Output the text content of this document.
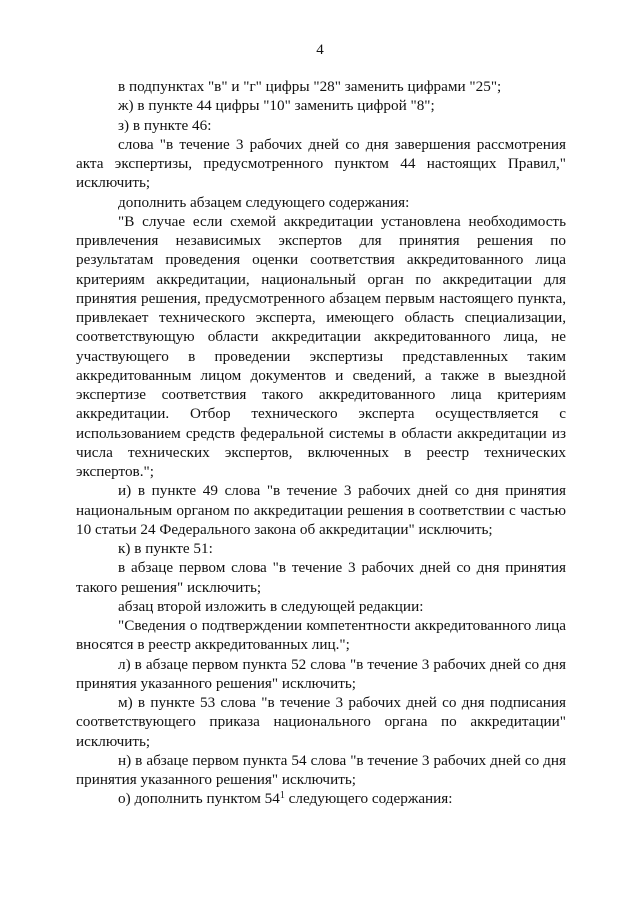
4

в подпунктах "в" и "г" цифры "28" заменить цифрами "25";

ж) в пункте 44 цифры "10" заменить цифрой "8";

з) в пункте 46:

слова "в течение 3 рабочих дней со дня завершения рассмотрения акта экспертизы, предусмотренного пунктом 44 настоящих Правил," исключить;

дополнить абзацем следующего содержания:

"В случае если схемой аккредитации установлена необходимость привлечения независимых экспертов для принятия решения по результатам проведения оценки соответствия аккредитованного лица критериям аккредитации, национальный орган по аккредитации для принятия решения, предусмотренного абзацем первым настоящего пункта, привлекает технического эксперта, имеющего область специализации, соответствующую области аккредитации аккредитованного лица, не участвующего в проведении экспертизы представленных таким аккредитованным лицом документов и сведений, а также в выездной экспертизе соответствия такого аккредитованного лица критериям аккредитации. Отбор технического эксперта осуществляется с использованием средств федеральной системы в области аккредитации из числа технических экспертов, включенных в реестр технических экспертов.";

и) в пункте 49 слова "в течение 3 рабочих дней со дня принятия национальным органом по аккредитации решения в соответствии с частью 10 статьи 24 Федерального закона об аккредитации" исключить;

к) в пункте 51:

в абзаце первом слова "в течение 3 рабочих дней со дня принятия такого решения" исключить;

абзац второй изложить в следующей редакции:

"Сведения о подтверждении компетентности аккредитованного лица вносятся в реестр аккредитованных лиц.";

л) в абзаце первом пункта 52 слова "в течение 3 рабочих дней со дня принятия указанного решения" исключить;

м) в пункте 53 слова "в течение 3 рабочих дней со дня подписания соответствующего приказа национального органа по аккредитации" исключить;

н) в абзаце первом пункта 54 слова "в течение 3 рабочих дней со дня принятия указанного решения" исключить;

о) дополнить пунктом $54^1$ следующего содержания:
